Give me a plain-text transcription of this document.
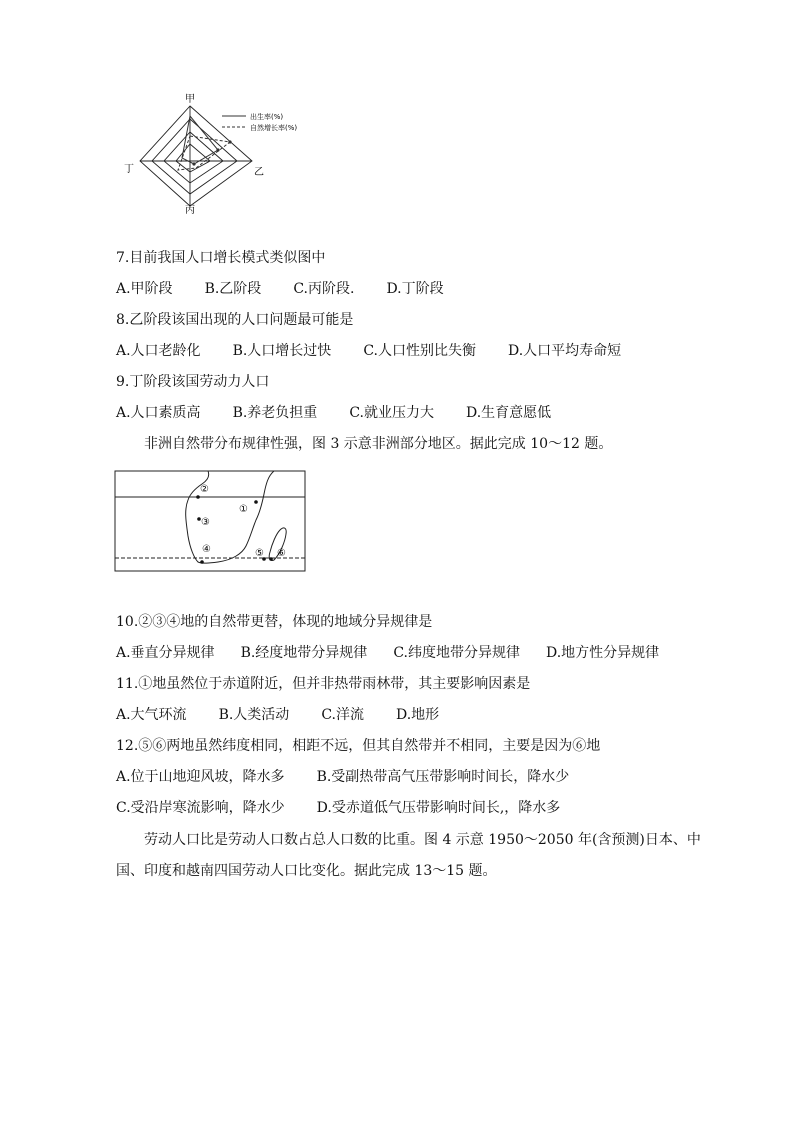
甲
乙
丙
丁
出生率(%)
自然增长率(%)
7.目前我国人口增长模式类似图中
A.甲阶段 B.乙阶段 C.丙阶段. D.丁阶段
8.乙阶段该国出现的人口问题最可能是
A.人口老龄化 B.人口增长过快 C.人口性别比失衡 D.人口平均寿命短
9.丁阶段该国劳动力人口
A.人口素质高 B.养老负担重 C.就业压力大 D.生育意愿低
非洲自然带分布规律性强，图 3 示意非洲部分地区。据此完成 10～12 题。
①
②
③
④	⑤ ⑥
10.②③④地的自然带更替，体现的地域分异规律是
A.垂直分异规律 B.经度地带分异规律 C.纬度地带分异规律 D.地方性分异规律
11.①地虽然位于赤道附近，但并非热带雨林带，其主要影响因素是
A.大气环流 B.人类活动 C.洋流 D.地形
12.⑤⑥两地虽然纬度相同，相距不远，但其自然带并不相同，主要是因为⑥地
A.位于山地迎风坡，降水多 B.受副热带高气压带影响时间长，降水少
C.受沿岸寒流影响，降水少 D.受赤道低气压带影响时间长,，降水多
劳动人口比是劳动人口数占总人口数的比重。图 4 示意 1950～2050 年(含预测)日本、中
国、印度和越南四国劳动人口比变化。据此完成 13～15 题。
